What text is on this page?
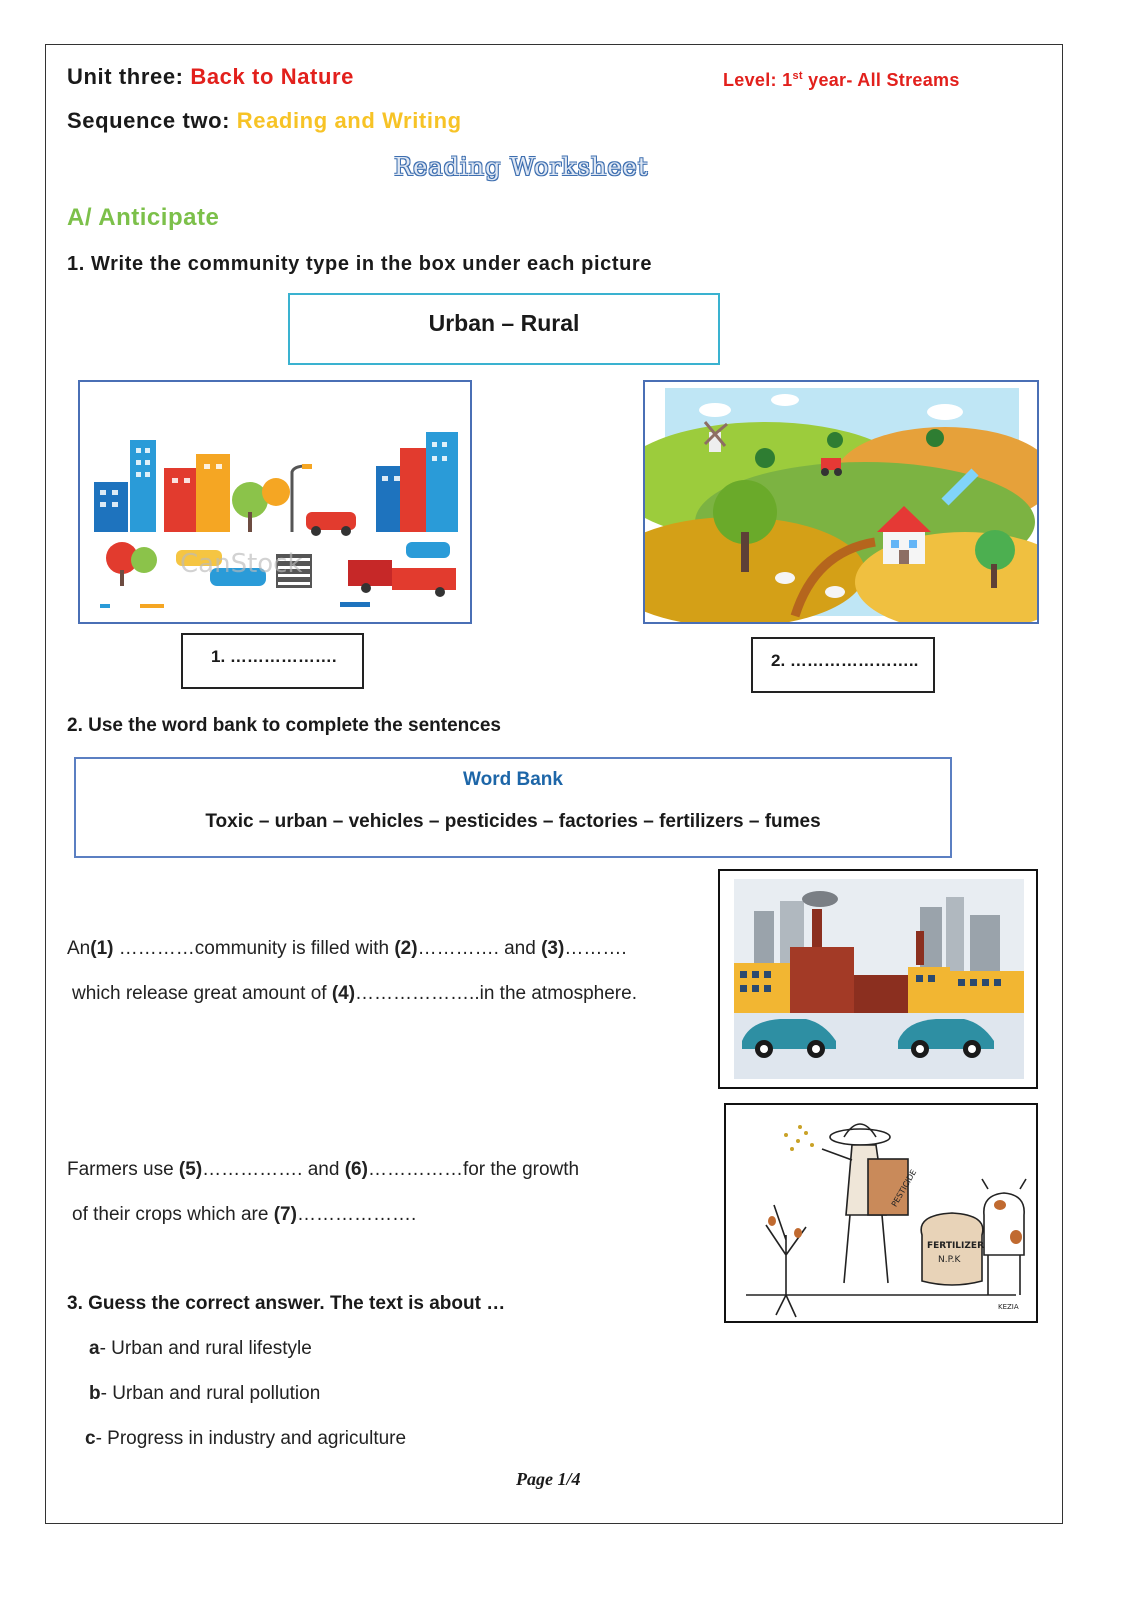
Unit three: Back to Nature	Level: 1st year- All Streams
Sequence two: Reading and Writing
Reading Worksheet
A/ Anticipate
1. Write the community type in the box under each picture
Urban – Rural
CanStock
1. ……………….	2. …………………..
2. Use the word bank to complete the sentences
Word Bank
Toxic – urban – vehicles – pesticides – factories – fertilizers – fumes
An(1) …………community is filled with (2)…………. and (3)……….
which release great amount of (4)………………..in the atmosphere.
Farmers use (5)……………. and (6)……………for the growth
of their crops which are (7)……………….
PESTICIDE
FERTILIZER
N.P.K
KEZIA
3. Guess the correct answer. The text is about …
a- Urban and rural lifestyle
b- Urban and rural pollution
c- Progress in industry and agriculture
Page 1/4
